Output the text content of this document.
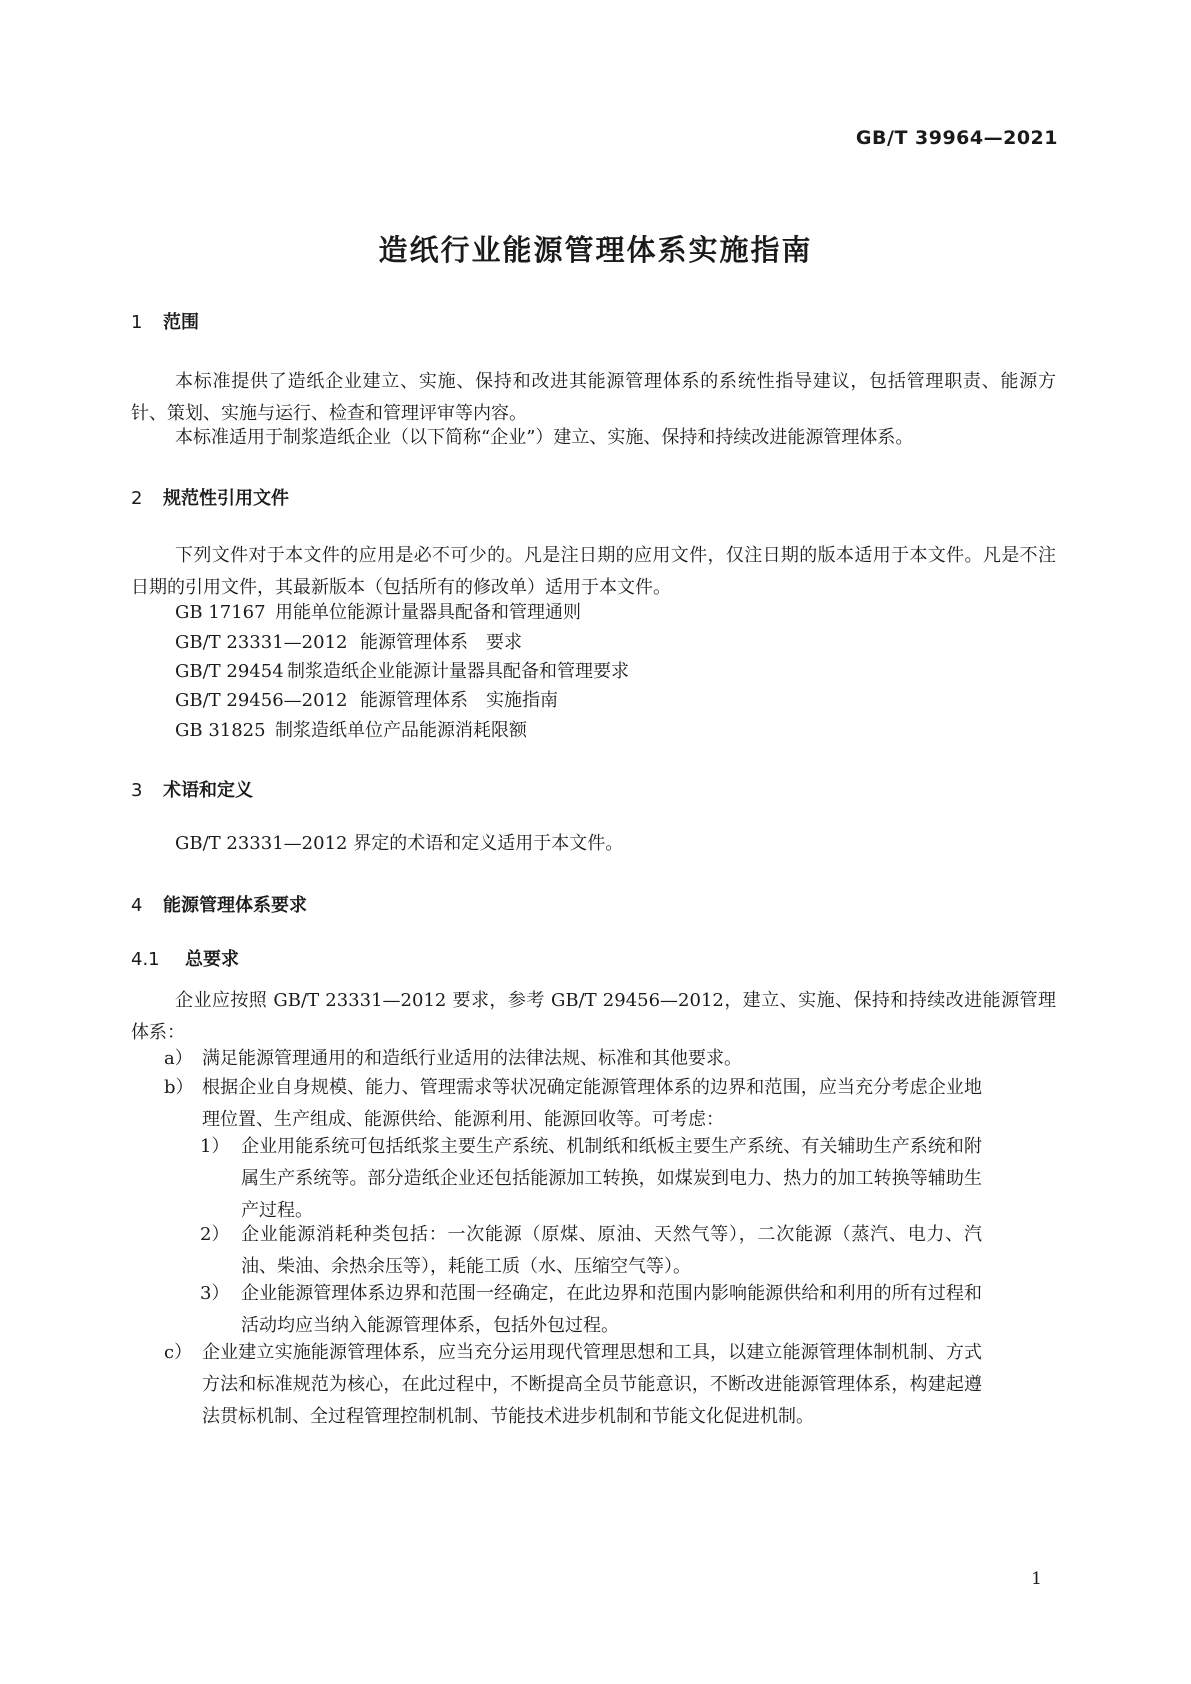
GB/T 39964—2021
造纸行业能源管理体系实施指南
1 范围

本标准提供了造纸企业建立、实施、保持和改进其能源管理体系的系统性指导建议，包括管理职责、能源方针、策划、实施与运行、检查和管理评审等内容。

本标准适用于制浆造纸企业（以下简称“企业”）建立、实施、保持和持续改进能源管理体系。

2 规范性引用文件

下列文件对于本文件的应用是必不可少的。凡是注日期的应用文件，仅注日期的版本适用于本文件。凡是不注日期的引用文件，其最新版本（包括所有的修改单）适用于本文件。

GB 17167 用能单位能源计量器具配备和管理通则
GB/T 23331—2012 能源管理体系　要求
GB/T 29454 制浆造纸企业能源计量器具配备和管理要求
GB/T 29456—2012 能源管理体系　实施指南
GB 31825 制浆造纸单位产品能源消耗限额
3 术语和定义

GB/T 23331—2012 界定的术语和定义适用于本文件。

4 能源管理体系要求
4.1 总要求

企业应按照 GB/T 23331—2012 要求，参考 GB/T 29456—2012，建立、实施、保持和持续改进能源管理体系：

a） 满足能源管理通用的和造纸行业适用的法律法规、标准和其他要求。
b） 根据企业自身规模、能力、管理需求等状况确定能源管理体系的边界和范围，应当充分考虑企业地理位置、生产组成、能源供给、能源利用、能源回收等。可考虑：
1） 企业用能系统可包括纸浆主要生产系统、机制纸和纸板主要生产系统、有关辅助生产系统和附属生产系统等。部分造纸企业还包括能源加工转换，如煤炭到电力、热力的加工转换等辅助生产过程。
2） 企业能源消耗种类包括：一次能源（原煤、原油、天然气等），二次能源（蒸汽、电力、汽油、柴油、余热余压等），耗能工质（水、压缩空气等）。
3） 企业能源管理体系边界和范围一经确定，在此边界和范围内影响能源供给和利用的所有过程和活动均应当纳入能源管理体系，包括外包过程。
c） 企业建立实施能源管理体系，应当充分运用现代管理思想和工具，以建立能源管理体制机制、方式方法和标准规范为核心，在此过程中，不断提高全员节能意识，不断改进能源管理体系，构建起遵法贯标机制、全过程管理控制机制、节能技术进步机制和节能文化促进机制。
1
